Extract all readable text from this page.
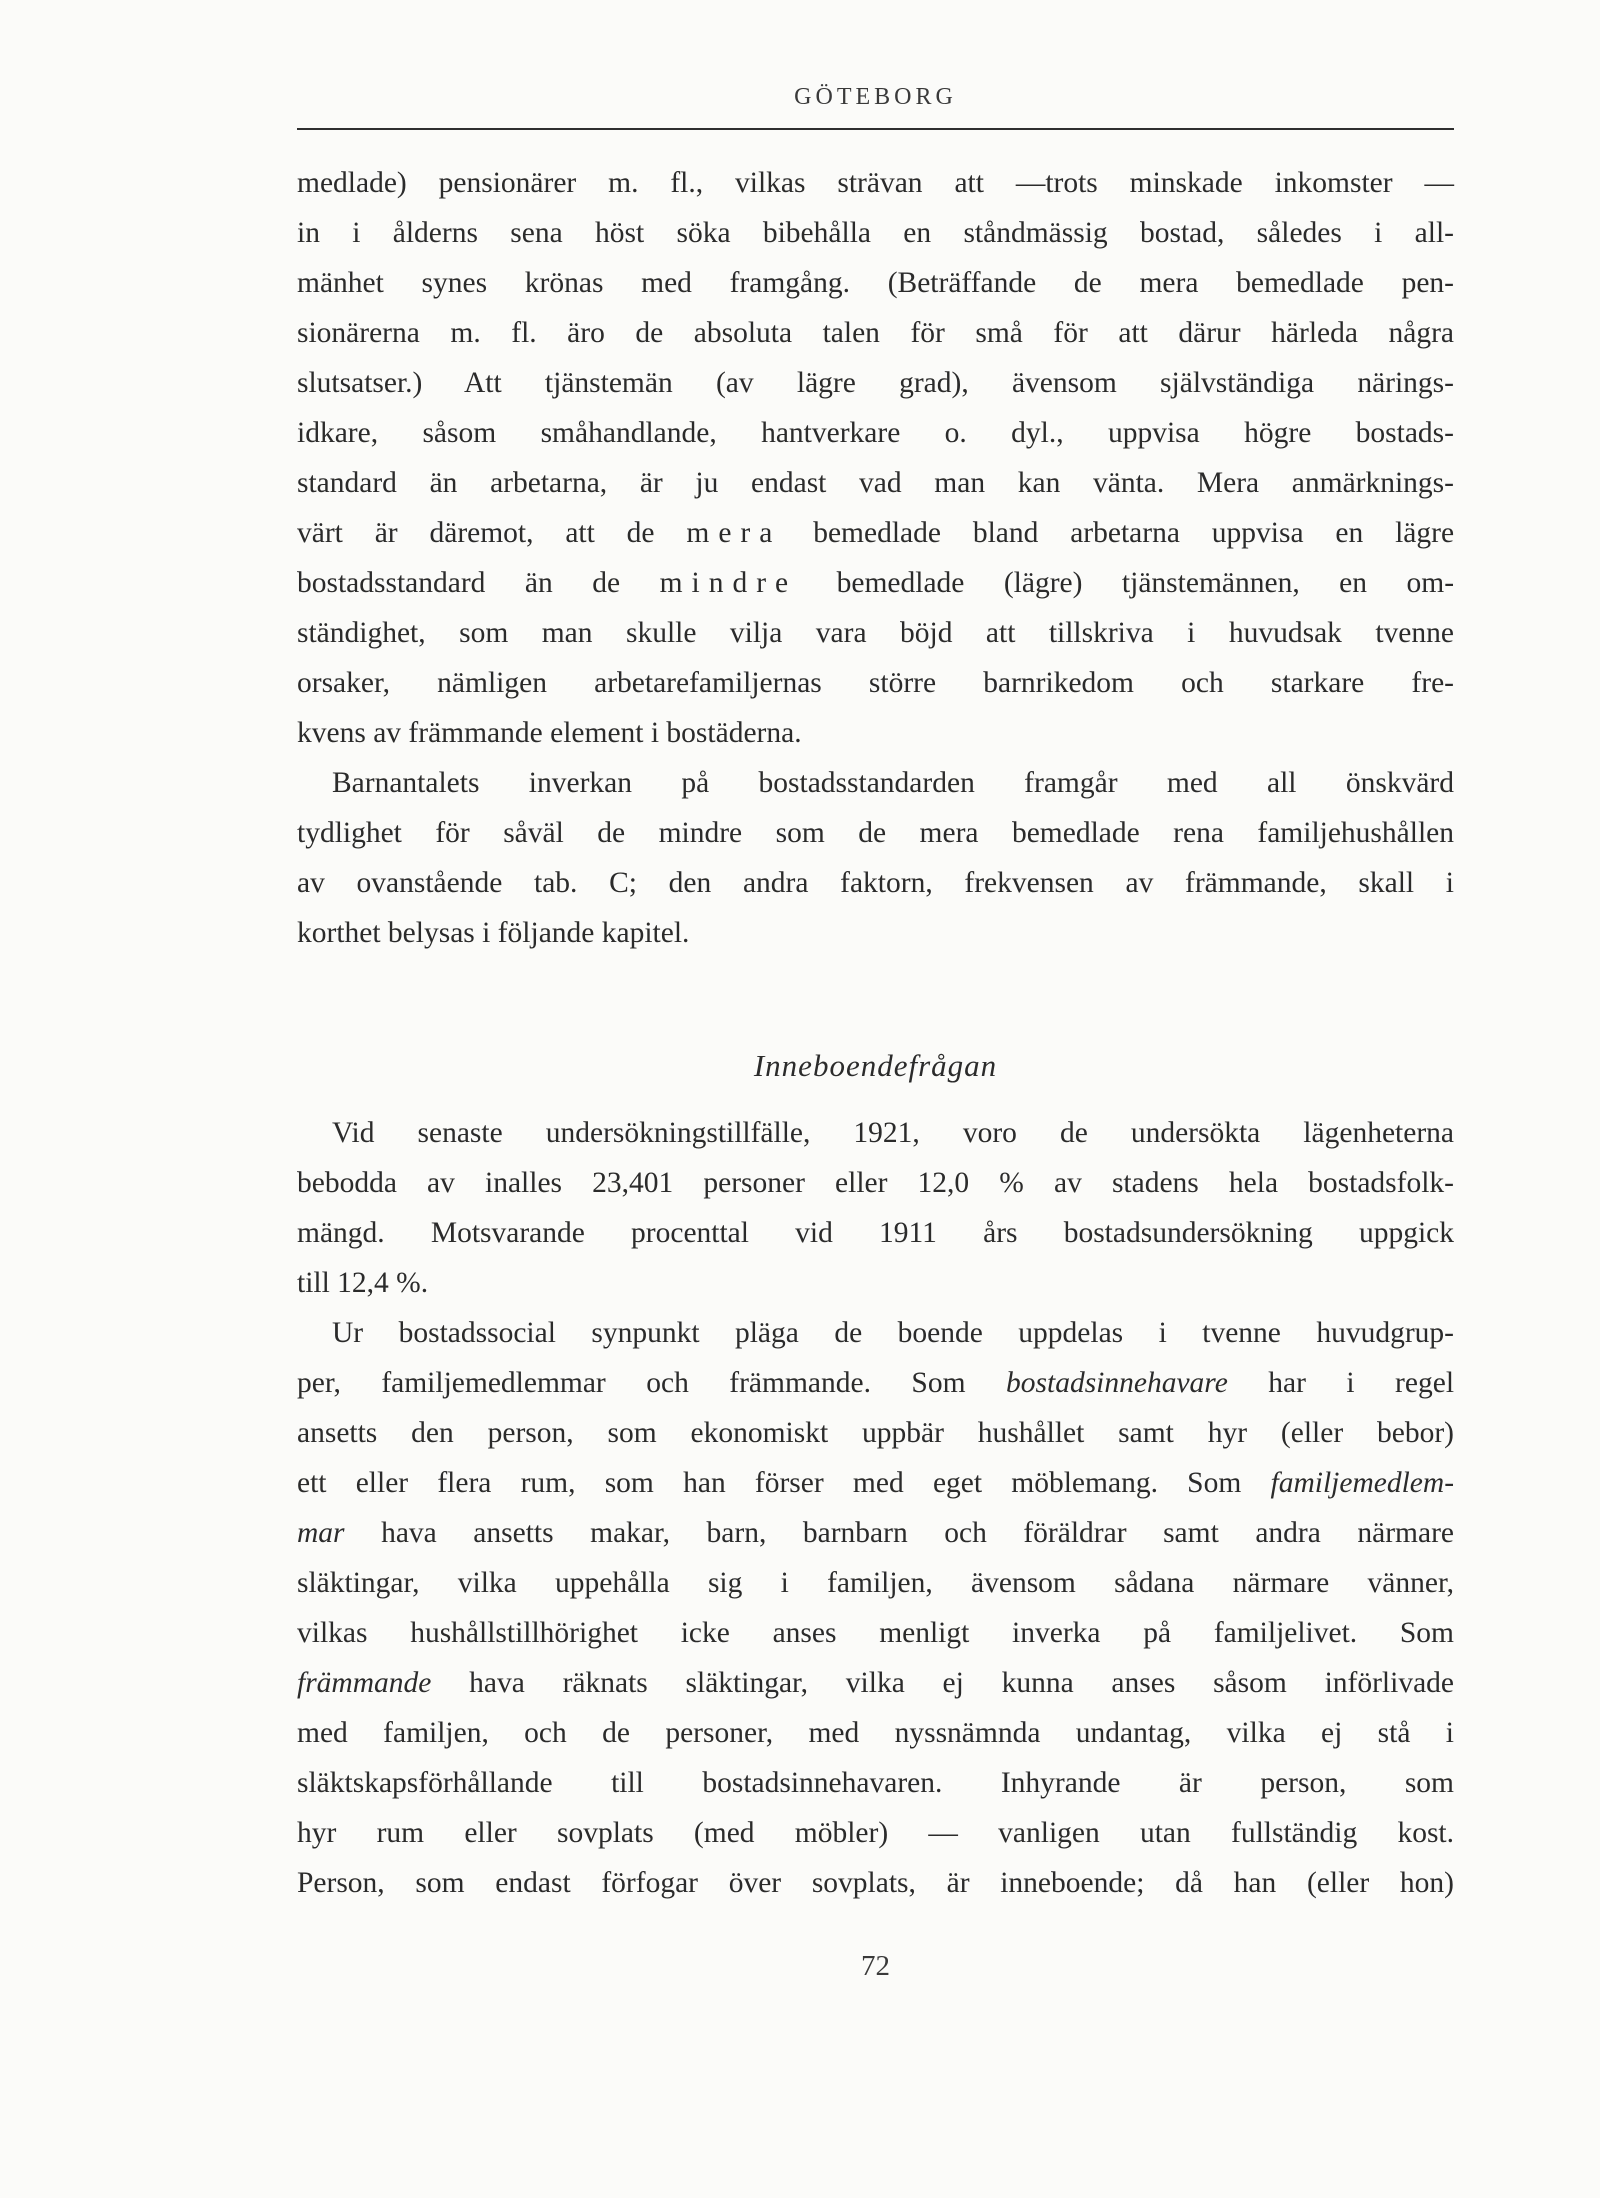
GÖTEBORG
medlade) pensionärer m. fl., vilkas strävan att —trots minskade inkomster —
in i ålderns sena höst söka bibehålla en ståndmässig bostad, således i all-
mänhet synes krönas med framgång. (Beträffande de mera bemedlade pen-
sionärerna m. fl. äro de absoluta talen för små för att därur härleda några
slutsatser.) Att tjänstemän (av lägre grad), ävensom självständiga närings-
idkare, såsom småhandlande, hantverkare o. dyl., uppvisa högre bostads-
standard än arbetarna, är ju endast vad man kan vänta. Mera anmärknings-
värt är däremot, att de mera bemedlade bland arbetarna uppvisa en lägre
bostadsstandard än de mindre bemedlade (lägre) tjänstemännen, en om-
ständighet, som man skulle vilja vara böjd att tillskriva i huvudsak tvenne
orsaker, nämligen arbetarefamiljernas större barnrikedom och starkare fre-
kvens av främmande element i bostäderna.
Barnantalets inverkan på bostadsstandarden framgår med all önskvärd
tydlighet för såväl de mindre som de mera bemedlade rena familjehushållen
av ovanstående tab. C; den andra faktorn, frekvensen av främmande, skall i
korthet belysas i följande kapitel.
Inneboendefrågan
Vid senaste undersökningstillfälle, 1921, voro de undersökta lägenheterna
bebodda av inalles 23,401 personer eller 12,0 % av stadens hela bostadsfolk-
mängd. Motsvarande procenttal vid 1911 års bostadsundersökning uppgick
till 12,4 %.
Ur bostadssocial synpunkt pläga de boende uppdelas i tvenne huvudgrup-
per, familjemedlemmar och främmande. Som bostadsinnehavare har i regel
ansetts den person, som ekonomiskt uppbär hushållet samt hyr (eller bebor)
ett eller flera rum, som han förser med eget möblemang. Som familjemedlem-
mar hava ansetts makar, barn, barnbarn och föräldrar samt andra närmare
släktingar, vilka uppehålla sig i familjen, ävensom sådana närmare vänner,
vilkas hushållstillhörighet icke anses menligt inverka på familjelivet. Som
främmande hava räknats släktingar, vilka ej kunna anses såsom införlivade
med familjen, och de personer, med nyssnämnda undantag, vilka ej stå i
släktskapsförhållande till bostadsinnehavaren. Inhyrande är person, som
hyr rum eller sovplats (med möbler) — vanligen utan fullständig kost.
Person, som endast förfogar över sovplats, är inneboende; då han (eller hon)
72
